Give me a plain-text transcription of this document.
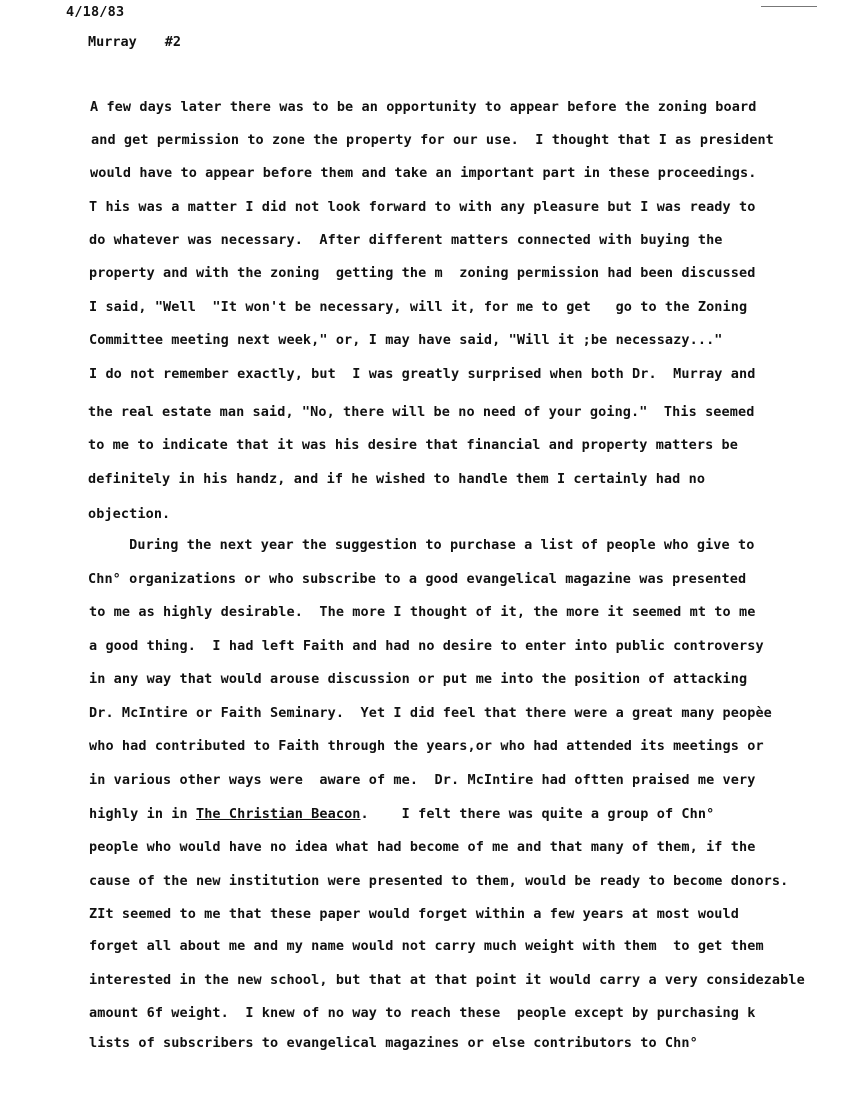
4/18/83
Murray #2
A few days later there was to be an opportunity to appear before the zoning board
and get permission to zone the property for our use.  I thought that I as president
would have to appear before them and take an important part in these proceedings.
T his was a matter I did not look forward to with any pleasure but I was ready to
do whatever was necessary.  After different matters connected with buying the
property and with the zoning  getting the m  zoning permission had been discussed
I said, "Well  "It won't be necessary, will it, for me to get   go to the Zoning
Committee meeting next week," or, I may have said, "Will it ;be necessazy..."
I do not remember exactly, but  I was greatly surprised when both Dr.  Murray and
the real estate man said, "No, there will be no need of your going."  This seemed
to me to indicate that it was his desire that financial and property matters be
definitely in his handz, and if he wished to handle them I certainly had no
objection.
During the next year the suggestion to purchase a list of people who give to
Chn° organizations or who subscribe to a good evangelical magazine was presented
to me as highly desirable.  The more I thought of it, the more it seemed mt to me
a good thing.  I had left Faith and had no desire to enter into public controversy
in any way that would arouse discussion or put me into the position of attacking
Dr. McIntire or Faith Seminary.  Yet I did feel that there were a great many peopèe
who had contributed to Faith through the years,or who had attended its meetings or
in various other ways were  aware of me.  Dr. McIntire had oftten praised me very
highly in in The Christian Beacon.    I felt there was quite a group of Chn°
people who would have no idea what had become of me and that many of them, if the
cause of the new institution were presented to them, would be ready to become donors.
ZIt seemed to me that these paper would forget within a few years at most would
forget all about me and my name would not carry much weight with them  to get them
interested in the new school, but that at that point it would carry a very considezable
amount 6f weight.  I knew of no way to reach these  people except by purchasing k
lists of subscribers to evangelical magazines or else contributors to Chn°
